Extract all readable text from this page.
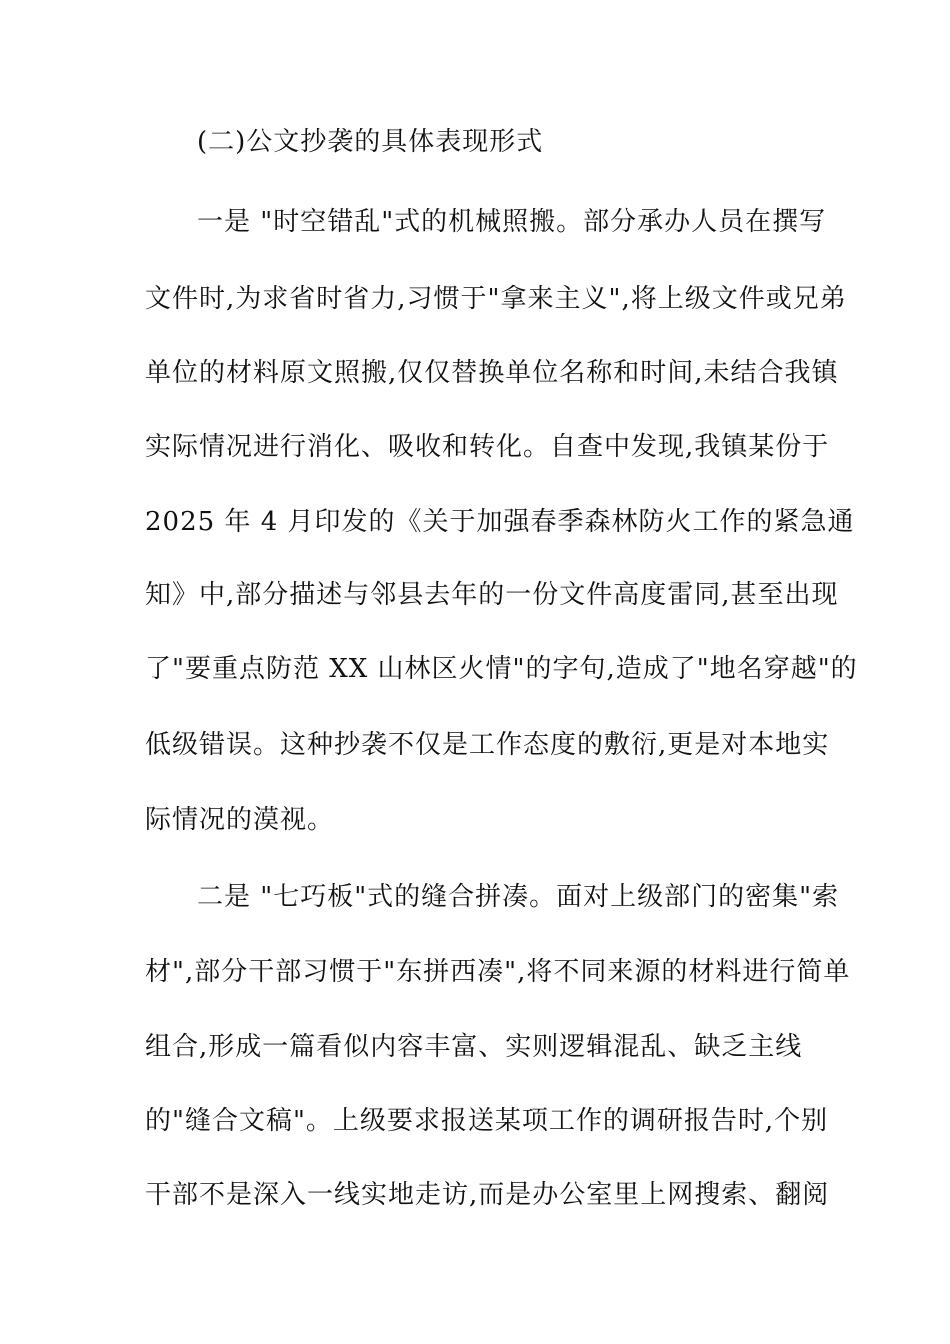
(二)公文抄袭的具体表现形式
一是 "时空错乱"式的机械照搬。部分承办人员在撰写
文件时,为求省时省力,习惯于"拿来主义",将上级文件或兄弟
单位的材料原文照搬,仅仅替换单位名称和时间,未结合我镇
实际情况进行消化、吸收和转化。自查中发现,我镇某份于
2025 年 4 月印发的《关于加强春季森林防火工作的紧急通
知》中,部分描述与邻县去年的一份文件高度雷同,甚至出现
了"要重点防范 XX 山林区火情"的字句,造成了"地名穿越"的
低级错误。这种抄袭不仅是工作态度的敷衍,更是对本地实
际情况的漠视。
二是 "七巧板"式的缝合拼凑。面对上级部门的密集"索
材",部分干部习惯于"东拼西凑",将不同来源的材料进行简单
组合,形成一篇看似内容丰富、实则逻辑混乱、缺乏主线
的"缝合文稿"。上级要求报送某项工作的调研报告时,个别
干部不是深入一线实地走访,而是办公室里上网搜索、翻阅
